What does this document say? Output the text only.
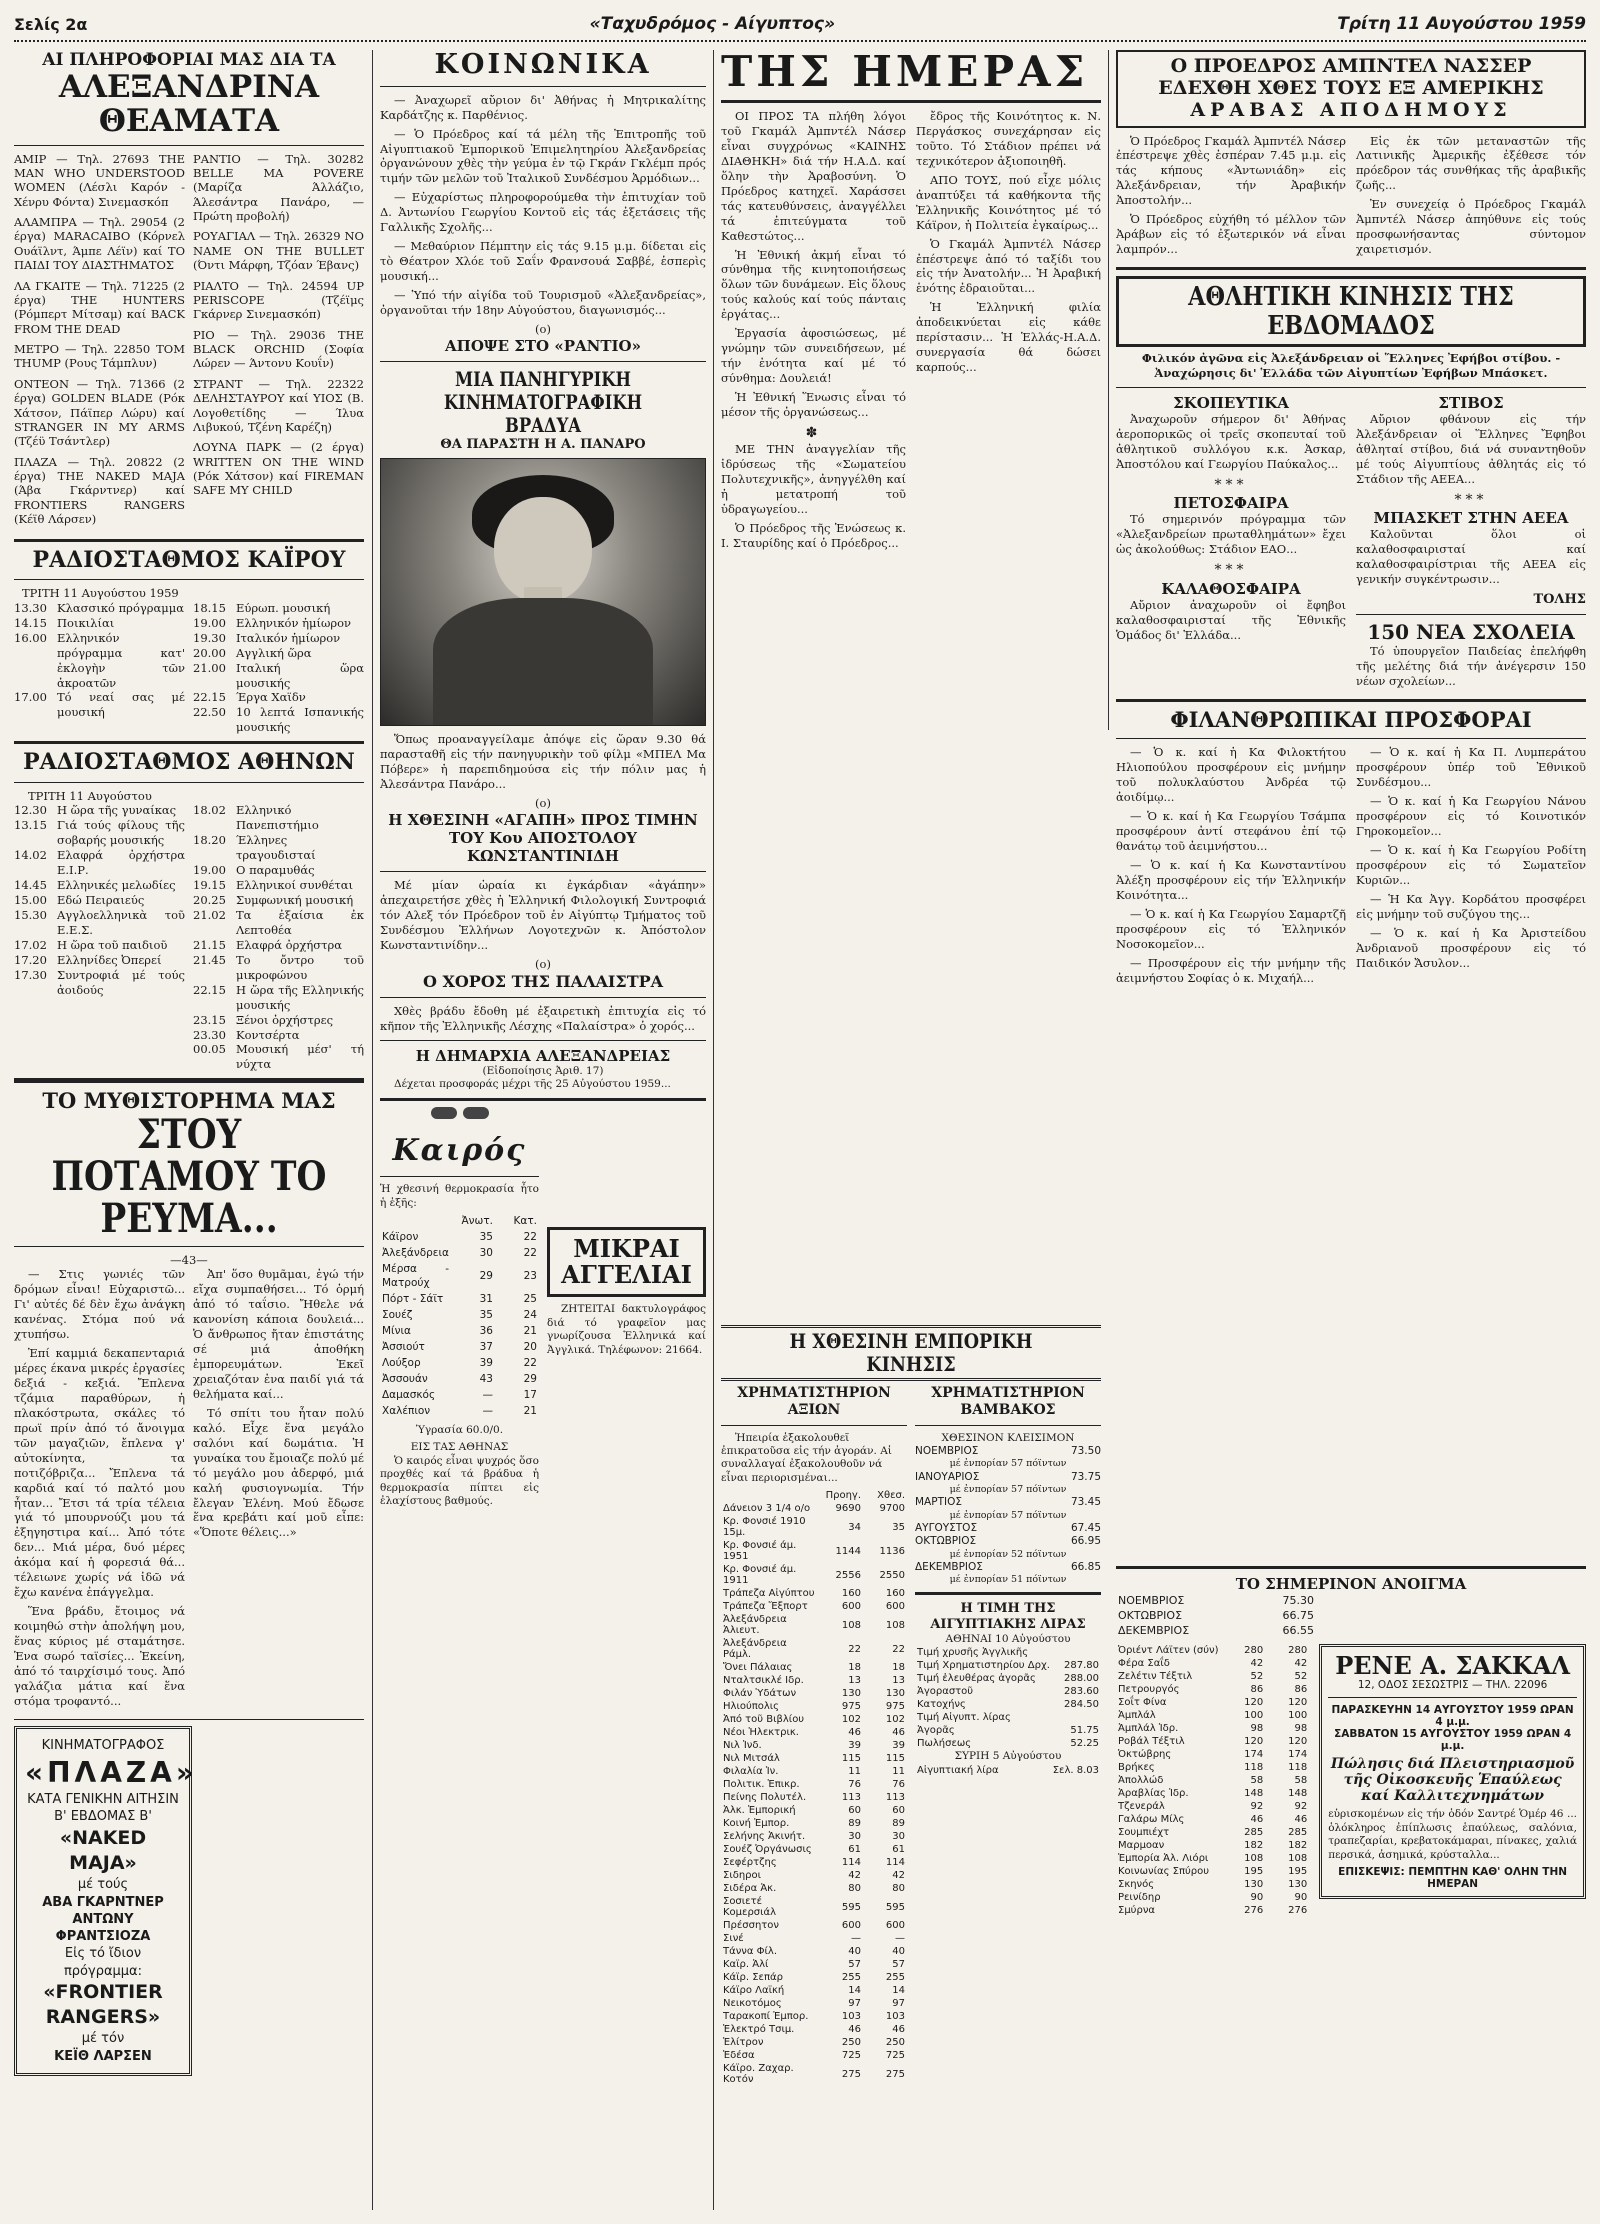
Σελίς 2α	«Ταχυδρόμος - Αίγυπτος»	Τρίτη 11 Αυγούστου 1959
ΑΙ ΠΛΗΡΟΦΟΡΙΑΙ ΜΑΣ ΔΙΑ ΤΑ
ΑΛΕΞΑΝΔΡΙΝΑ ΘΕΑΜΑΤΑ
ΑΜΙΡ — Τηλ. 27693 THE MAN WHO UNDERSTOOD WOMEN (Λέσλι Καρόν - Χένρυ Φόντα) Σινεμασκόπ
ΑΛΑΜΠΡΑ — Τηλ. 29054 (2 έργα) MARACAIBO (Κόρνελ Ουάϊλντ, Άμπε Λέϊν) καί ΤΟ ΠΑΙΔΙ ΤΟΥ ΔΙΑΣΤΗΜΑΤΟΣ
ΛΑ ΓΚΑΙΤΕ — Τηλ. 71225 (2 έργα) THE HUNTERS (Ρόμπερτ Μίτσαμ) καί BACK FROM THE DEAD
ΜΕΤΡΟ — Τηλ. 22850 TOM THUMP (Ρους Τάμπλυν)
ΟΝΤΕΟΝ — Τηλ. 71366 (2 έργα) GOLDEN BLADE (Ρόκ Χάτσον, Πάϊπερ Λώρυ) καί STRANGER IN MY ARMS (Τζέϋ Τσάντλερ)
ΠΛΑΖΑ — Τηλ. 20822 (2 έργα) THE NAKED MAJA (Άβα Γκάρντνερ) καί FRONTIERS RANGERS (Κέϊθ Λάρσεν)
ΡΑΝΤΙΟ — Τηλ. 30282 BELLE MA POVERE (Μαρίζα Άλλάζιο, Άλεσάντρα Πανάρο, —Πρώτη προβολή)
ΡΟΥΑΓΙΑΛ — Τηλ. 26329 NO NAME ON THE BULLET (Όντι Μάρφη, Τζόαν Έβανς)
ΡΙΑΛΤΟ — Τηλ. 24594 UP PERISCOPE (Τζέϊμς Γκάρνερ Σινεμασκόπ)
ΡΙΟ — Τηλ. 29036 THE BLACK ORCHID (Σοφία Λώρεν — Άντονυ Κουΐν)
ΣΤΡΑΝΤ — Τηλ. 22322 ΔΕΛΗΣΤΑΥΡΟΥ καί ΥΙΟΣ (Β. Λογοθετίδης — Ίλυα Λιβυκού, Τζένη Καρέζη)
ΛΟΥΝΑ ΠΑΡΚ — (2 έργα) WRITTEN ON THE WIND (Ρόκ Χάτσον) καί FIREMAN SAFE MY CHILD
ΡΑΔΙΟΣΤΑΘΜΟΣ ΚΑΪΡΟΥ
ΤΡΙΤΗ 11 Αυγούστου 1959
13.30 Κλασσικό πρόγραμμα
14.15 Ποικιλίαι
16.00 Ελληνικόν πρόγραμμα κατ' ἐκλογὴν τῶν ἀκροατῶν
17.00 Τό νεαί σας μέ μουσική
18.15 Εύρωπ. μουσική
19.00 Ελληνικόν ἡμίωρον
19.30 Ιταλικόν ἡμίωρον
20.00 Αγγλική ὥρα
21.00 Ιταλική ὥρα μουσικής
22.15 Έργα Χαϊδν
22.50 10 λεπτά Ισπανικής μουσικής
ΡΑΔΙΟΣΤΑΘΜΟΣ ΑΘΗΝΩΝ
ΤΡΙΤΗ 11 Αυγούστου
12.30 Η ὥρα τῆς γυναίκας
13.15 Γιά τούς φίλους τῆς σοβαρής μουσικής
14.02 Ελαφρά ὀρχήστρα Ε.Ι.Ρ.
14.45 Ελληνικές μελωδίες
15.00 Εδώ Πειραιεύς
15.30 Αγγλοελληνικὰ τοῦ Ε.Ε.Σ.
17.02 Η ὥρα τοῦ παιδιοῦ
17.20 Ελληνίδες Ὀπερεί
17.30 Συντροφιά μέ τούς ἀοιδούς
18.02 Ελληνικό Πανεπιστήμιο
18.20 Έλληνες τραγουδισταί
19.00 Ο παραμυθάς
19.15 Ελληνικοί συνθέται
20.25 Συμφωνική μουσική
21.02 Τα ἐξαίσια ἐκ Λεπτοθέα
21.15 Ελαφρά ὀρχήστρα
21.45 Το ὄντρο τοῦ μικροφώνου
22.15 Η ὥρα τῆς Ελληνικής μουσικής
23.15 Ξένοι ὀρχήστρες
23.30 Κοντσέρτα
00.05 Μουσική μέσ' τή νύχτα
ΤΟ ΜΥΘΙΣΤΟΡΗΜΑ ΜΑΣ
ΣΤΟΥ ΠΟΤΑΜΟΥ ΤΟ ΡΕΥΜΑ...
—43—

— Στις γωνιές τῶν δρόμων εἶναι! Εὐχαριστῶ... Γι' αὐτές δέ δὲν ἔχω ἀνάγκη κανένας. Στόμα πού νά χτυπήσω.

Ἐπί καμμιά δεκαπενταριά μέρες έκανα μικρές ἐργασίες δεξιά - κεξιά. Ἔπλενα τζάμια παραθύρων, ἡ πλακόστρωτα, σκάλες τό πρωϊ πρίν ἀπό τό ἄνοιγμα τῶν μαγαζιῶν, ἔπλενα γ' αὐτοκίνητα, τα ποτιζόβριζα... Ἔπλενα τά καρδιά καί τό παλτό μου ἦταν... Ἔτσι τά τρία τέλεια γιά τό μπουρνούζι μου τά ἐξηγηστιρα καί... Ἀπό τότε δεν... Μιά μέρα, δυό μέρες ἀκόμα καί ἡ φορεσιά θά... τέλειωνε χωρίς νά ἰδῶ νά ἔχω κανένα ἐπάγγελμα.

Ἕνα βράδυ, ἔτοιμος νά κοιμηθώ στὴν ἀπολήψη μου, ἕνας κύριος μέ σταμάτησε. Ἑνα σωρό ταϊσίες... Ἐκείνη, ἀπό τό ταιρχίσιμό τους. Ἀπό γαλάζια μάτια καί ἕνα στόμα τροφαντό...

Ἀπ' ὅσο θυμᾶμαι, ἐγώ τήν εἴχα συμπαθήσει... Τό ὁρμή ἀπό τό ταΐσιο. Ἤθελε νά κανονίση κάποια δουλειά... Ὁ ἄνθρωπος ἤταν ἐπιστάτης σέ μιά ἀποθήκη ἐμπορευμάτων. Ἐκεῖ χρειαζόταν ἐνα παιδί γιά τά θελήματα καί...

Τό σπίτι του ἦταν πολύ καλό. Εἶχε ἕνα μεγάλο σαλόνι καί δωμάτια. Ἡ γυναίκα του ἔμοιαζε πολύ μέ τό μεγάλο μου ἀδερφό, μιά καλή φυσιογνωμία. Τήν ἔλεγαν Ἐλένη. Μού ἔδωσε ἕνα κρεβάτι καί μοῦ εἶπε: «Ὅποτε θέλεις...»

ΚΙΝΗΜΑΤΟΓΡΑΦΟΣ
«ΠΛΑΖΑ»
ΚΑΤΑ ΓΕΝΙΚΗΝ ΑΙΤΗΣΙΝ
Β' ΕΒΔΟΜΑΣ Β'
«NAKED MAJA»
μέ τούς
ΑΒΑ ΓΚΑΡΝΤΝΕΡ ΑΝΤΩΝΥ ΦΡΑΝΤΣΙΟΖΑ
Εἰς τό ἴδιον πρόγραμμα:
«FRONTIER RANGERS»
μέ τόν
ΚΕΪΘ ΛΑΡΣΕΝ
ΚΟΙΝΩΝΙΚΑ

— Ἀναχωρεῖ αὔριον δι' Ἀθήνας ἡ Μητρικαλίτης Καρδάτζης κ. Παρθένιος.

— Ὁ Πρόεδρος καί τά μέλη τῆς Ἐπιτροπῆς τοῦ Αἰγυπτιακοῦ Ἐμπορικοῦ Ἐπιμελητηρίου Ἀλεξανδρείας ὀργανώνουν χθὲς τὴν γεύμα ἐν τῷ Γκράν Γκλέμπ πρός τιμήν τῶν μελῶν τοῦ Ἰταλικοῦ Συνδέσμου Ἀρμόδιων...

— Εὐχαρίστως πληροφορούμεθα τὴν ἐπιτυχίαν τοῦ Δ. Ἀντωνίου Γεωργίου Κοντοῦ εἰς τάς ἐξετάσεις τῆς Γαλλικῆς Σχολῆς...

— Μεθαύριον Πέμπτην εἰς τάς 9.15 μ.μ. δίδεται εἰς τὸ Θέατρον Χλόε τοῦ Σαΐν Φρανσουά Σαββέ, ἑσπερὶς μουσική...

— Ὑπό τήν αἰγίδα τοῦ Τουρισμοῦ «Ἀλεξανδρείας», ὀργανοῦται τήν 18ην Αὐγούστου, διαγωνισμός...

(ο)
ΑΠΟΨΕ ΣΤΟ «ΡΑΝΤΙΟ»
ΜΙΑ ΠΑΝΗΓΥΡΙΚΗ ΚΙΝΗΜΑΤΟΓΡΑΦΙΚΗ ΒΡΑΔΥΑ
ΘΑ ΠΑΡΑΣΤΗ Η Α. ΠΑΝΑΡΟ

Ὅπως προαναγγείλαμε ἀπόψε εἰς ὥραν 9.30 θά παρασταθῆ εἰς τήν πανηγυρικὴν τοῦ φίλμ «ΜΠΕΛ Μα Πόβερε» ἡ παρεπιδημούσα εἰς τήν πόλιν μας ἡ Ἀλεσάντρα Πανάρο...

(ο)
Η ΧΘΕΣΙΝΗ «ΑΓΑΠΗ» ΠΡΟΣ ΤΙΜΗΝ ΤΟΥ Κου ΑΠΟΣΤΟΛΟΥ ΚΩΝΣΤΑΝΤΙΝΙΔΗ

Μέ μίαν ὡραία κι ἐγκάρδιαν «ἀγάπην» ἀπεχαιρετήσε χθὲς ἡ Ἐλληνική Φιλολογική Συντροφιά τόν Αλεξ τόν Πρόεδρον τοῦ ἐν Αἰγύπτῳ Τμήματος τοῦ Συνδέσμου Ἑλλήνων Λογοτεχνῶν κ. Ἀπόστολον Κωνσταντινίδην...

(ο)
Ο ΧΟΡΟΣ ΤΗΣ ΠΑΛΑΙΣΤΡΑ

Χθὲς βράδυ ἔδοθη μέ ἐξαιρετικὴ ἐπιτυχία εἰς τό κῆπον τῆς Ἐλληνικῆς Λέσχης «Παλαίστρα» ὁ χορός...

Η ΔΗΜΑΡΧΙΑ ΑΛΕΞΑΝΔΡΕΙΑΣ
(Εἰδοποίησις Ἀριθ. 17)

Δέχεται προσφοράς μέχρι τῆς 25 Αὐγούστου 1959...

Καιρός

Ἡ χθεσινή θερμοκρασία ἦτο ἡ ἑξῆς:

	Ἀνωτ.	Κατ.
Κάϊρον	35	22
Ἀλεξάνδρεια	30	22
Μέρσα - Ματρούχ	29	23
Πόρτ - Σάϊτ	31	25
Σουέζ	35	24
Μίνια	36	21
Ἀσσιούτ	37	20
Λούξορ	39	22
Ἀσσουάν	43	29
Δαμασκός	—	17
Χαλέπιον	—	21
Ὑγρασία 60.0/0.
ΕΙΣ ΤΑΣ ΑΘΗΝΑΣ

Ὁ καιρός εἶναι ψυχρός ὅσο προχθές καί τά βράδυα ἡ θερμοκρασία πίπτει εἰς ἐλαχίστους βαθμούς.

ΜΙΚΡΑΙ ΑΓΓΕΛΙΑΙ

ΖΗΤΕΙΤΑΙ δακτυλογράφος διά τό γραφεῖον μας γνωρίζουσα Ἑλληνικά καί Ἀγγλικά. Τηλέφωνον: 21664.

ΤΗΣ ΗΜΕΡΑΣ

ΟΙ ΠΡΟΣ ΤΑ πλήθη λόγοι τοῦ Γκαμάλ Ἀμπντέλ Νάσερ εἶναι συγχρόνως «ΚΑΙΝΗΣ ΔΙΑΘΗΚΗ» διά τήν Η.Α.Δ. καί ὅλην τὴν Ἀραβοσύνη. Ὁ Πρόεδρος κατηχεῖ. Χαράσσει τάς κατευθύνσεις, ἀναγγέλλει τά ἐπιτεύγματα τοῦ Καθεστώτος...

Ἡ Ἐθνική ἀκμή εἶναι τό σύνθημα τῆς κινητοποιήσεως ὅλων τῶν δυνάμεων. Εἰς ὅλους τούς καλούς καί τούς πάνταις ἐργάτας...

Ἐργασία ἀφοσιώσεως, μέ γνώμην τῶν συνειδήσεων, μέ τήν ἐνότητα καί μέ τό σύνθημα: Δουλειά!

Ἡ Ἐθνική Ἕνωσις εἶναι τό μέσον τῆς ὀργανώσεως...

✽

ΜΕ ΤΗΝ ἀναγγελίαν τῆς ἰδρύσεως τῆς «Σωματείου Πολυτεχνικῆς», ἀνηγγέλθη καί ἡ μετατροπή τοῦ ὑδραγωγείου...

Ὁ Πρόεδρος τῆς Ἑνώσεως κ. Ι. Σταυρίδης καί ὁ Πρόεδρος...

ἔδρος τῆς Κοινότητος κ. Ν. Περγάσκος συνεχάρησαν εἰς τοῦτο. Τό Στάδιον πρέπει νά τεχνικότερον ἀξιοποιηθῆ.

ΑΠΟ ΤΟΥΣ, πού εἶχε μόλις ἀναπτύξει τά καθήκοντα τῆς Ἑλληνικῆς Κοινότητος μέ τό Κάϊρον, ἡ Πολιτεία ἐγκαίρως...

Ὁ Γκαμάλ Ἀμπντέλ Νάσερ ἐπέστρεψε ἀπό τό ταξίδι του εἰς τήν Ἀνατολήν... Ἡ Ἀραβική ἑνότης ἐδραιοῦται...

Ἡ Ἑλληνική φιλία ἀποδεικνύεται εἰς κάθε περίστασιν... Ἡ Ἑλλάς-Η.Α.Δ. συνεργασία θά δώσει καρπούς...

Ο ΠΡΟΕΔΡΟΣ ΑΜΠΝΤΕΛ ΝΑΣΣΕΡ
ΕΔΕΧΘΗ ΧΘΕΣ ΤΟΥΣ ΕΞ ΑΜΕΡΙΚΗΣ
ΑΡΑΒΑΣ ΑΠΟΔΗΜΟΥΣ

Ὁ Πρόεδρος Γκαμάλ Ἀμπντέλ Νάσερ ἐπέστρεψε χθὲς ἑσπέραν 7.45 μ.μ. εἰς τάς κήπους «Ἀντωνιάδη» εἰς Ἀλεξάνδρειαν, τήν Ἀραβικήν Ἀποστολήν...

Ὁ Πρόεδρος εὐχήθη τό μέλλον τῶν Ἀράβων εἰς τό ἐξωτερικόν νά εἶναι λαμπρόν...

Εἰς ἐκ τῶν μεταναστῶν τῆς Λατινικῆς Ἀμερικῆς ἐξέθεσε τόν πρόεδρον τάς συνθήκας τῆς ἀραβικῆς ζωῆς...

Ἐν συνεχείᾳ ὁ Πρόεδρος Γκαμάλ Ἀμπντέλ Νάσερ ἀπηύθυνε εἰς τούς προσφωνήσαντας σύντομον χαιρετισμόν.

ΑΘΛΗΤΙΚΗ ΚΙΝΗΣΙΣ ΤΗΣ ΕΒΔΟΜΑΔΟΣ

Φιλικόν ἀγῶνα εἰς Ἀλεξάνδρειαν οἱ Ἕλληνες Ἐφήβοι στίβου. - Ἀναχώρησις δι' Ἑλλάδα τῶν Αἰγυπτίων Ἐφήβων Μπάσκετ.

ΣΚΟΠΕΥΤΙΚΑ

Ἀναχωροῦν σήμερον δι' Ἀθήνας ἀεροπορικῶς οἱ τρεῖς σκοπευταί τοῦ ἀθλητικοῦ συλλόγου κ.κ. Ἀσκαρ, Ἀποστόλου καί Γεωργίου Παύκαλος...

***
ΠΕΤΟΣΦΑΙΡΑ

Τό σημερινόν πρόγραμμα τῶν «Ἀλεξανδρείων πρωταθλημάτων» ἔχει ὡς ἀκολούθως: Στάδιον ΕΑΟ...

***
ΚΑΛΑΘΟΣΦΑΙΡΑ

Αὔριον ἀναχωροῦν οἱ ἔφηβοι καλαθοσφαιρισταί τῆς Ἐθνικῆς Ὁμάδος δι' Ἑλλάδα...

ΣΤΙΒΟΣ

Αὔριον φθάνουν εἰς τήν Ἀλεξάνδρειαν οἱ Ἕλληνες Ἔφηβοι ἀθληταί στίβου, διά νά συναντηθοῦν μέ τούς Αἰγυπτίους ἀθλητάς εἰς τό Στάδιον τῆς ΑΕΕΑ...

***
ΜΠΑΣΚΕΤ ΣΤΗΝ ΑΕΕΑ

Καλοῦνται ὅλοι οἱ καλαθοσφαιρισταί καί καλαθοσφαιρίστριαι τῆς ΑΕΕΑ εἰς γενικήν συγκέντρωσιν...

ΤΟΛΗΣ
150 ΝΕΑ ΣΧΟΛΕΙΑ

Τό ὑπουργεῖον Παιδείας ἐπελήφθη τῆς μελέτης διά τήν ἀνέγερσιν 150 νέων σχολείων...

ΦΙΛΑΝΘΡΩΠΙΚΑΙ ΠΡΟΣΦΟΡΑΙ

— Ὁ κ. καί ἡ Κα Φιλοκτήτου Ηλιοπούλου προσφέρουν εἰς μνήμην τοῦ πολυκλαύστου Ἀνδρέα τῷ ἀοιδίμῳ...

— Ὁ κ. καί ἡ Κα Γεωργίου Τσάμπα προσφέρουν ἀντί στεφάνου ἐπί τῷ θανάτῳ τοῦ ἀειμνήστου...

— Ὁ κ. καί ἡ Κα Κωνσταντίνου Ἀλέξη προσφέρουν εἰς τήν Ἑλληνικήν Κοινότητα...

— Ὁ κ. καί ἡ Κα Γεωργίου Σαμαρτζῆ προσφέρουν εἰς τό Ἑλληνικόν Νοσοκομεῖον...

— Προσφέρουν εἰς τήν μνήμην τῆς ἀειμνήστου Σοφίας ὁ κ. Μιχαήλ...

— Ὁ κ. καί ἡ Κα Π. Λυμπεράτου προσφέρουν ὑπέρ τοῦ Ἐθνικοῦ Συνδέσμου...

— Ὁ κ. καί ἡ Κα Γεωργίου Νάνου προσφέρουν εἰς τό Κοινοτικόν Γηροκομεῖον...

— Ὁ κ. καί ἡ Κα Γεωργίου Ροδίτη προσφέρουν εἰς τό Σωματεῖον Κυριῶν...

— Ἡ Κα Ἀγγ. Κορδάτου προσφέρει εἰς μνήμην τοῦ συζύγου της...

— Ὁ κ. καί ἡ Κα Ἀριστείδου Ἀνδριανοῦ προσφέρουν εἰς τό Παιδικόν Ἄσυλον...

Η ΧΘΕΣΙΝΗ ΕΜΠΟΡΙΚΗ ΚΙΝΗΣΙΣ
ΧΡΗΜΑΤΙΣΤΗΡΙΟΝ ΑΞΙΩΝ

Ἠπειρία ἐξακολουθεῖ ἐπικρατοῦσα εἰς τήν ἀγοράν. Αἱ συναλλαγαί ἐξακολουθοῦν νά εἶναι περιορισμέναι...

	Προηγ.	Χθεσ.
Δάνειον 3 1/4 ο/ο	9690	9700
Κρ. Φονσιέ 1910 15μ.	34	35
Κρ. Φονσιέ άμ. 1951	1144	1136
Κρ. Φονσιέ άμ. 1911	2556	2550
Τράπεζα Αἰγύπτου	160	160
Τράπεζα Ἔξπορτ	600	600
Ἀλεξάνδρεια Ἀλιευτ.	108	108
Ἀλεξάνδρεια Ράμλ.	22	22
Ὄνει Πάλαιας	18	18
Νταλτσικλέ Ιδρ.	13	13
Φιλάν Ὑδάτων	130	130
Ηλιούπολις	975	975
Ἀπό τοῦ Βιβλίου	102	102
Νέοι Ἠλεκτρικ.	46	46
Νιλ Ἰνδ.	39	39
Νιλ Μιτσάλ	115	115
Φιλαλία Ἰν.	11	11
Πολιτικ. Ἐπικρ.	76	76
Πείνης Πολυτέλ.	113	113
Ἀλκ. Ἐμπορική	60	60
Κοινή Ἐμπορ.	89	89
Σελήνης Ἀκινήτ.	30	30
Σουέζ Ὀργάνωσις	61	61
Σεφέρτζης	114	114
Σιδηροι	42	42
Σιδέρα Ἀκ.	80	80
Σοσιετέ Κομερσιάλ	595	595
Πρέσσητον	600	600
Σινέ	—	—
Τάννα Φίλ.	40	40
Καϊρ. Ἀλί	57	57
Κάϊρ. Σεπάρ	255	255
Κάϊρο Λαϊκή	14	14
Νεικοτόμος	97	97
Ταρακοπί Ἐμπορ.	103	103
Ἐλεκτρό Τσιμ.	46	46
Ἐλίτρον	250	250
Ἐδέσα	725	725
Κάϊρο. Ζαχαρ. Κοτόν	275	275
ΧΡΗΜΑΤΙΣΤΗΡΙΟΝ ΒΑΜΒΑΚΟΣ
ΧΘΕΣΙΝΟΝ ΚΛΕΙΣΙΜΟΝ
ΝΟΕΜΒΡΙΟΣ	73.50
μέ ἐνπορίαν 57 πόϊντων
ΙΑΝΟΥΑΡΙΟΣ	73.75
μέ ἐνπορίαν 57 πόϊντων
ΜΑΡΤΙΟΣ	73.45
μέ ἐνπορίαν 57 πόϊντων
ΑΥΓΟΥΣΤΟΣ	67.45
ΟΚΤΩΒΡΙΟΣ	66.95
μέ ἐνπορίαν 52 πόϊντων
ΔΕΚΕΜΒΡΙΟΣ	66.85
μέ ἐνπορίαν 51 πόϊντων
Η ΤΙΜΗ ΤΗΣ ΑΙΓΥΠΤΙΑΚΗΣ ΛΙΡΑΣ
ΑΘΗΝΑΙ 10 Αὐγούστου
Τιμή χρυσῆς Ἀγγλικῆς	
Τιμή Χρηματιστηρίου Δρχ.	287.80
Τιμή ἐλευθέρας ἀγορᾶς	288.00
Ἀγοραστοῦ	283.60
Κατοχήνς	284.50
Τιμή Αἰγυπτ. λίρας	
Ἀγορᾶς	51.75
Πωλήσεως	52.25
ΣΥΡΙΗ 5 Αὐγούστου
Αἰγυπτιακή λίρα	Σελ. 8.03
ΤΟ ΣΗΜΕΡΙΝΟΝ ΑΝΟΙΓΜΑ
ΝΟΕΜΒΡΙΟΣ	75.30
ΟΚΤΩΒΡΙΟΣ	66.75
ΔΕΚΕΜΒΡΙΟΣ	66.55
Ὀριέντ Λάϊτεν (σύν)	280	280
Φέρα Σαΐδ	42	42
Ζελέτιν Τέξτιλ	52	52
Πετρουργός	86	86
Σοΐτ Φίνα	120	120
Ἀμπλάλ	100	100
Ἀμπλάλ Ἰδρ.	98	98
Ροβάλ Τέξτιλ	120	120
Ὀκτώβρης	174	174
Βρήκες	118	118
Ἀπολλώδ	58	58
Ἀραβλίας Ἰδρ.	148	148
Τζενεράλ	92	92
Γαλάρω Μίλς	46	46
Σουμπιέχτ	285	285
Μαρμοαν	182	182
Ἐμπορία Ἀλ. Λιόρι	108	108
Κοινωνίας Σπύρου	195	195
Σκηνός	130	130
Ρεινίδηρ	90	90
Σμύρνα	276	276
ΡΕΝΕ Α. ΣΑΚΚΑΛ
12, ΟΔΟΣ ΣΕΣΩΣΤΡΙΣ — ΤΗΛ. 22096
ΠΑΡΑΣΚΕΥΗΝ 14 ΑΥΓΟΥΣΤΟΥ 1959 ΩΡΑΝ 4 μ.μ.
ΣΑΒΒΑΤΟΝ 15 ΑΥΓΟΥΣΤΟΥ 1959 ΩΡΑΝ 4 μ.μ.
Πώλησις διά Πλειστηριασμοῦ τῆς Οἰκοσκευῆς Ἑπαύλεως καί Καλλιτεχνημάτων

εὑρισκομένων εἰς τήν ὁδόν Σαντρέ Ὁμέρ 46 ... ὁλόκληρος ἐπίπλωσις ἑπαύλεως, σαλόνια, τραπεζαρίαι, κρεβατοκάμαραι, πίνακες, χαλιά περσικά, ἀσημικά, κρύσταλλα...

ΕΠΙΣΚΕΨΙΣ: ΠΕΜΠΤΗΝ ΚΑΘ' ΟΛΗΝ ΤΗΝ ΗΜΕΡΑΝ
